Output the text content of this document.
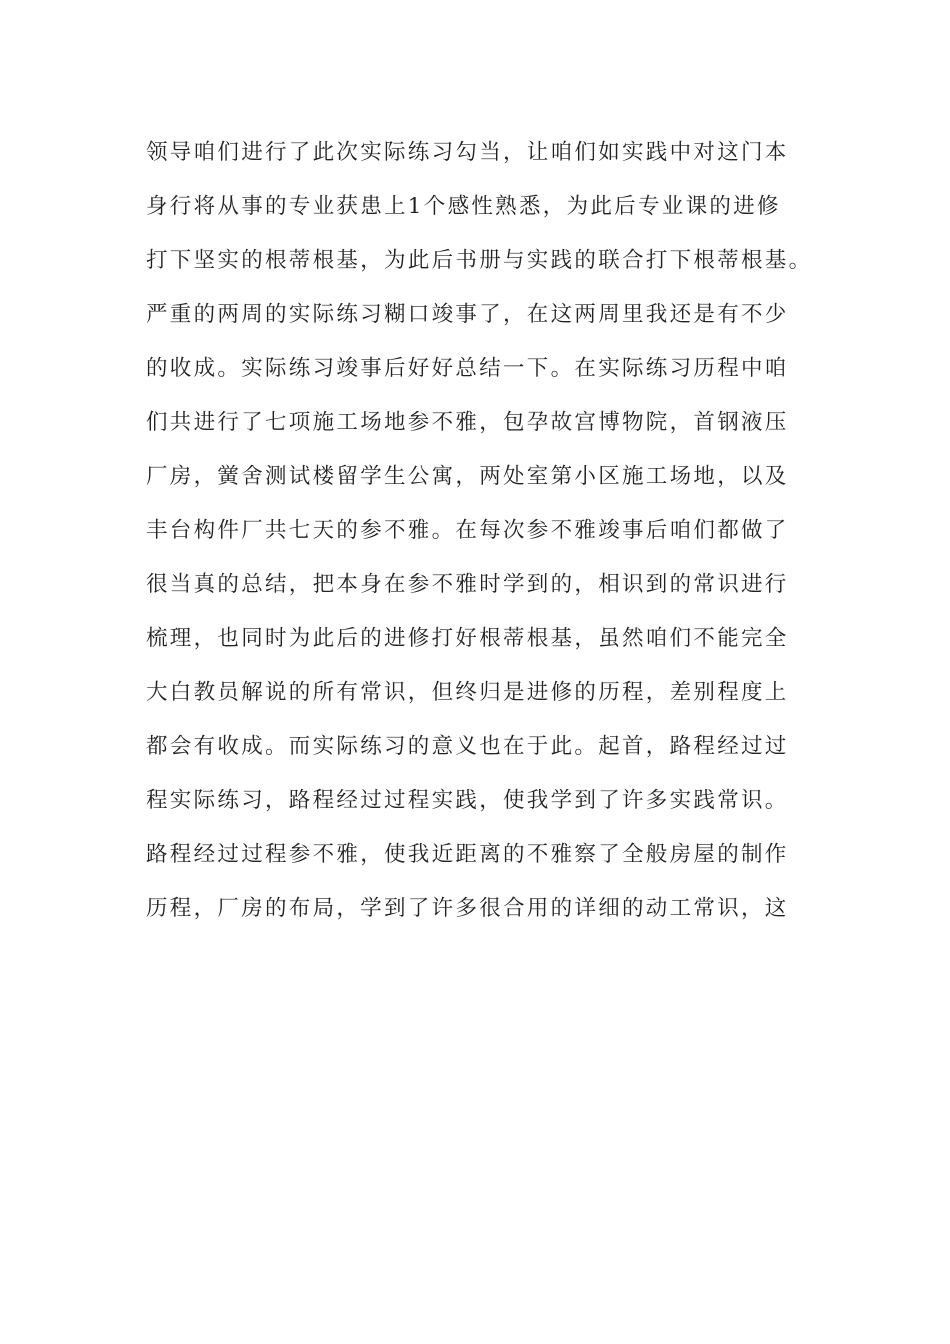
领导咱们进行了此次实际练习勾当，让咱们如实践中对这门本
身行将从事的专业获患上1个感性熟悉，为此后专业课的进修
打下坚实的根蒂根基，为此后书册与实践的联合打下根蒂根基。
严重的两周的实际练习糊口竣事了，在这两周里我还是有不少
的收成。实际练习竣事后好好总结一下。在实际练习历程中咱
们共进行了七项施工场地参不雅，包孕故宫博物院，首钢液压
厂房，黉舍测试楼留学生公寓，两处室第小区施工场地，以及
丰台构件厂共七天的参不雅。在每次参不雅竣事后咱们都做了
很当真的总结，把本身在参不雅时学到的，相识到的常识进行
梳理，也同时为此后的进修打好根蒂根基，虽然咱们不能完全
大白教员解说的所有常识，但终归是进修的历程，差别程度上
都会有收成。而实际练习的意义也在于此。起首，路程经过过
程实际练习，路程经过过程实践，使我学到了许多实践常识。
路程经过过程参不雅，使我近距离的不雅察了全般房屋的制作
历程，厂房的布局，学到了许多很合用的详细的动工常识，这
